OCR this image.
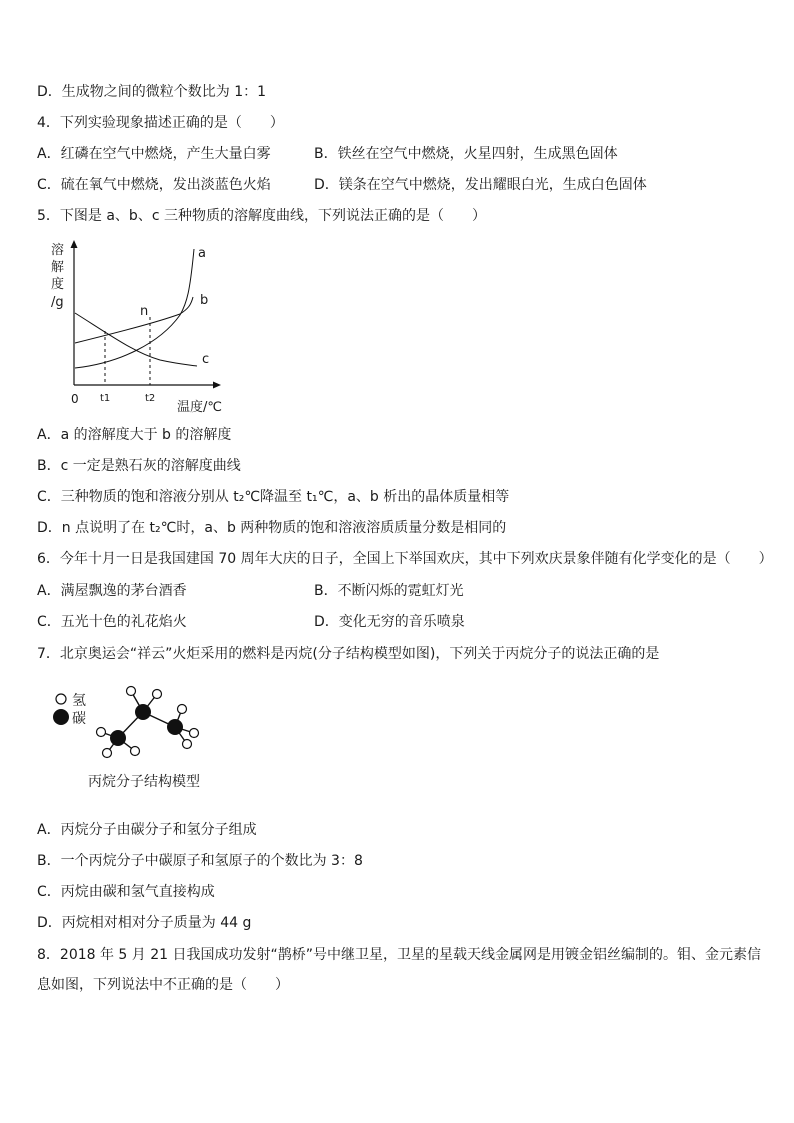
D．生成物之间的微粒个数比为 1：1
4．下列实验现象描述正确的是（　　）
A．红磷在空气中燃烧，产生大量白雾	B．铁丝在空气中燃烧，火星四射，生成黑色固体
C．硫在氧气中燃烧，发出淡蓝色火焰	D．镁条在空气中燃烧，发出耀眼白光，生成白色固体
5．下图是 a、b、c 三种物质的溶解度曲线，下列说法正确的是（　　）
溶
解
度
/g
a
b
c
n
0 t1	t2
温度/℃
A．a 的溶解度大于 b 的溶解度
B．c 一定是熟石灰的溶解度曲线
C．三种物质的饱和溶液分别从 t₂℃降温至 t₁℃，a、b 析出的晶体质量相等
D．n 点说明了在 t₂℃时，a、b 两种物质的饱和溶液溶质质量分数是相同的
6．今年十月一日是我国建国 70 周年大庆的日子，全国上下举国欢庆，其中下列欢庆景象伴随有化学变化的是（　　）
A．满屋飘逸的茅台酒香	B．不断闪烁的霓虹灯光
C．五光十色的礼花焰火	D．变化无穷的音乐喷泉
7．北京奥运会“祥云”火炬采用的燃料是丙烷(分子结构模型如图)，下列关于丙烷分子的说法正确的是
氢
碳
丙烷分子结构模型
A．丙烷分子由碳分子和氢分子组成
B．一个丙烷分子中碳原子和氢原子的个数比为 3：8
C．丙烷由碳和氢气直接构成
D．丙烷相对相对分子质量为 44 g
8．2018 年 5 月 21 日我国成功发射“鹊桥”号中继卫星，卫星的星载天线金属网是用镀金铝丝编制的。钼、金元素信
息如图，下列说法中不正确的是（　　）
